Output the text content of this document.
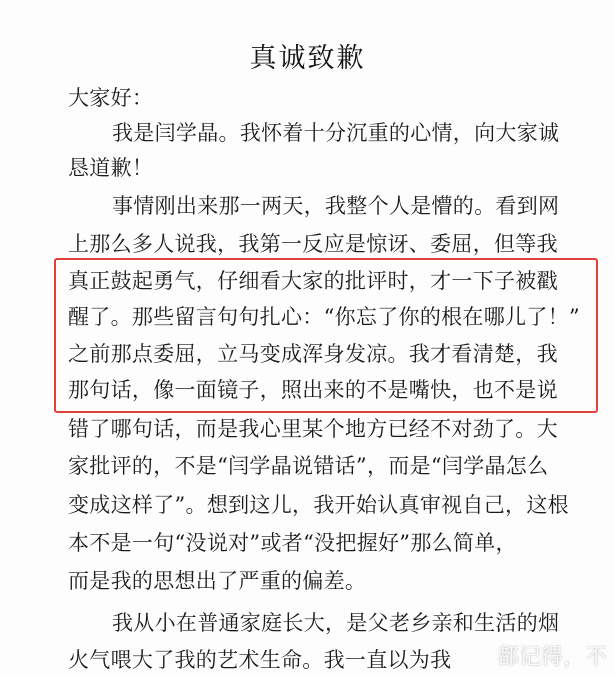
真诚致歉
大家好：
我是闫学晶。我怀着十分沉重的心情，向大家诚
恳道歉！
事情刚出来那一两天，我整个人是懵的。看到网
上那么多人说我，我第一反应是惊讶、委屈，但等我
真正鼓起勇气，仔细看大家的批评时，才一下子被戳
醒了。那些留言句句扎心：“你忘了你的根在哪儿了！”
之前那点委屈，立马变成浑身发凉。我才看清楚，我
那句话，像一面镜子，照出来的不是嘴快，也不是说
错了哪句话，而是我心里某个地方已经不对劲了。大
家批评的，不是“闫学晶说错话”，而是“闫学晶怎么
变成这样了”。想到这儿，我开始认真审视自己，这根
本不是一句“没说对”或者“没把握好”那么简单，
而是我的思想出了严重的偏差。
我从小在普通家庭长大，是父老乡亲和生活的烟
火气喂大了我的艺术生命。我一直以为我	都记得，不
